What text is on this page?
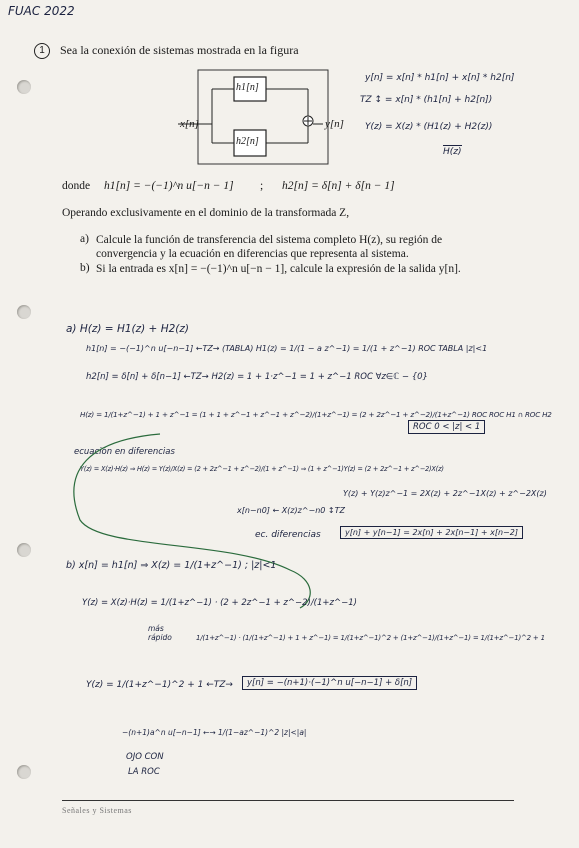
FUAC 2022
1	Sea la conexión de sistemas mostrada en la figura
h1[n]
h2[n]
x[n]	y[n]
y[n] = x[n] * h1[n] + x[n] * h2[n]
TZ ↕ = x[n] * (h1[n] + h2[n])
Y(z) = X(z) * (H1(z) + H2(z))
H(z)
donde h1[n] = −(−1)^n u[−n − 1] ; h2[n] = δ[n] + δ[n − 1]
Operando exclusivamente en el dominio de la transformada Z,
a) Calcule la función de transferencia del sistema completo H(z), su región de convergencia y la ecuación en diferencias que representa al sistema.
b) Si la entrada es x[n] = −(−1)^n u[−n − 1], calcule la expresión de la salida y[n].
a) H(z) = H1(z) + H2(z)
h1[n] = −(−1)^n u[−n−1] ←TZ→ (TABLA) H1(z) = 1/(1 − a z^−1) = 1/(1 + z^−1) ROC TABLA |z|<1
h2[n] = δ[n] + δ[n−1] ←TZ→ H2(z) = 1 + 1·z^−1 = 1 + z^−1 ROC ∀z∈ℂ − {0}
H(z) = 1/(1+z^−1) + 1 + z^−1 = (1 + 1 + z^−1 + z^−1 + z^−2)/(1+z^−1) = (2 + 2z^−1 + z^−2)/(1+z^−1) ROC ROC H1 ∩ ROC H2
ROC 0 < |z| < 1
ecuación en diferencias
Y(z) = X(z)·H(z) ⇒ H(z) = Y(z)/X(z) = (2 + 2z^−1 + z^−2)/(1 + z^−1) ⇒ (1 + z^−1)Y(z) = (2 + 2z^−1 + z^−2)X(z)
Y(z) + Y(z)z^−1 = 2X(z) + 2z^−1X(z) + z^−2X(z)
x[n−n0] ← X(z)z^−n0 ↕TZ
ec. diferencias	y[n] + y[n−1] = 2x[n] + 2x[n−1] + x[n−2]
b) x[n] = h1[n] ⇒ X(z) = 1/(1+z^−1) ; |z|<1
Y(z) = X(z)·H(z) = 1/(1+z^−1) · (2 + 2z^−1 + z^−2)/(1+z^−1)
más rápido	1/(1+z^−1) · (1/(1+z^−1) + 1 + z^−1) = 1/(1+z^−1)^2 + (1+z^−1)/(1+z^−1) = 1/(1+z^−1)^2 + 1
Y(z) = 1/(1+z^−1)^2 + 1 ←TZ→	y[n] = −(n+1)·(−1)^n u[−n−1] + δ[n]
−(n+1)a^n u[−n−1] ←→ 1/(1−az^−1)^2 |z|<|a|
OJO CON
LA ROC
Señales y Sistemas
